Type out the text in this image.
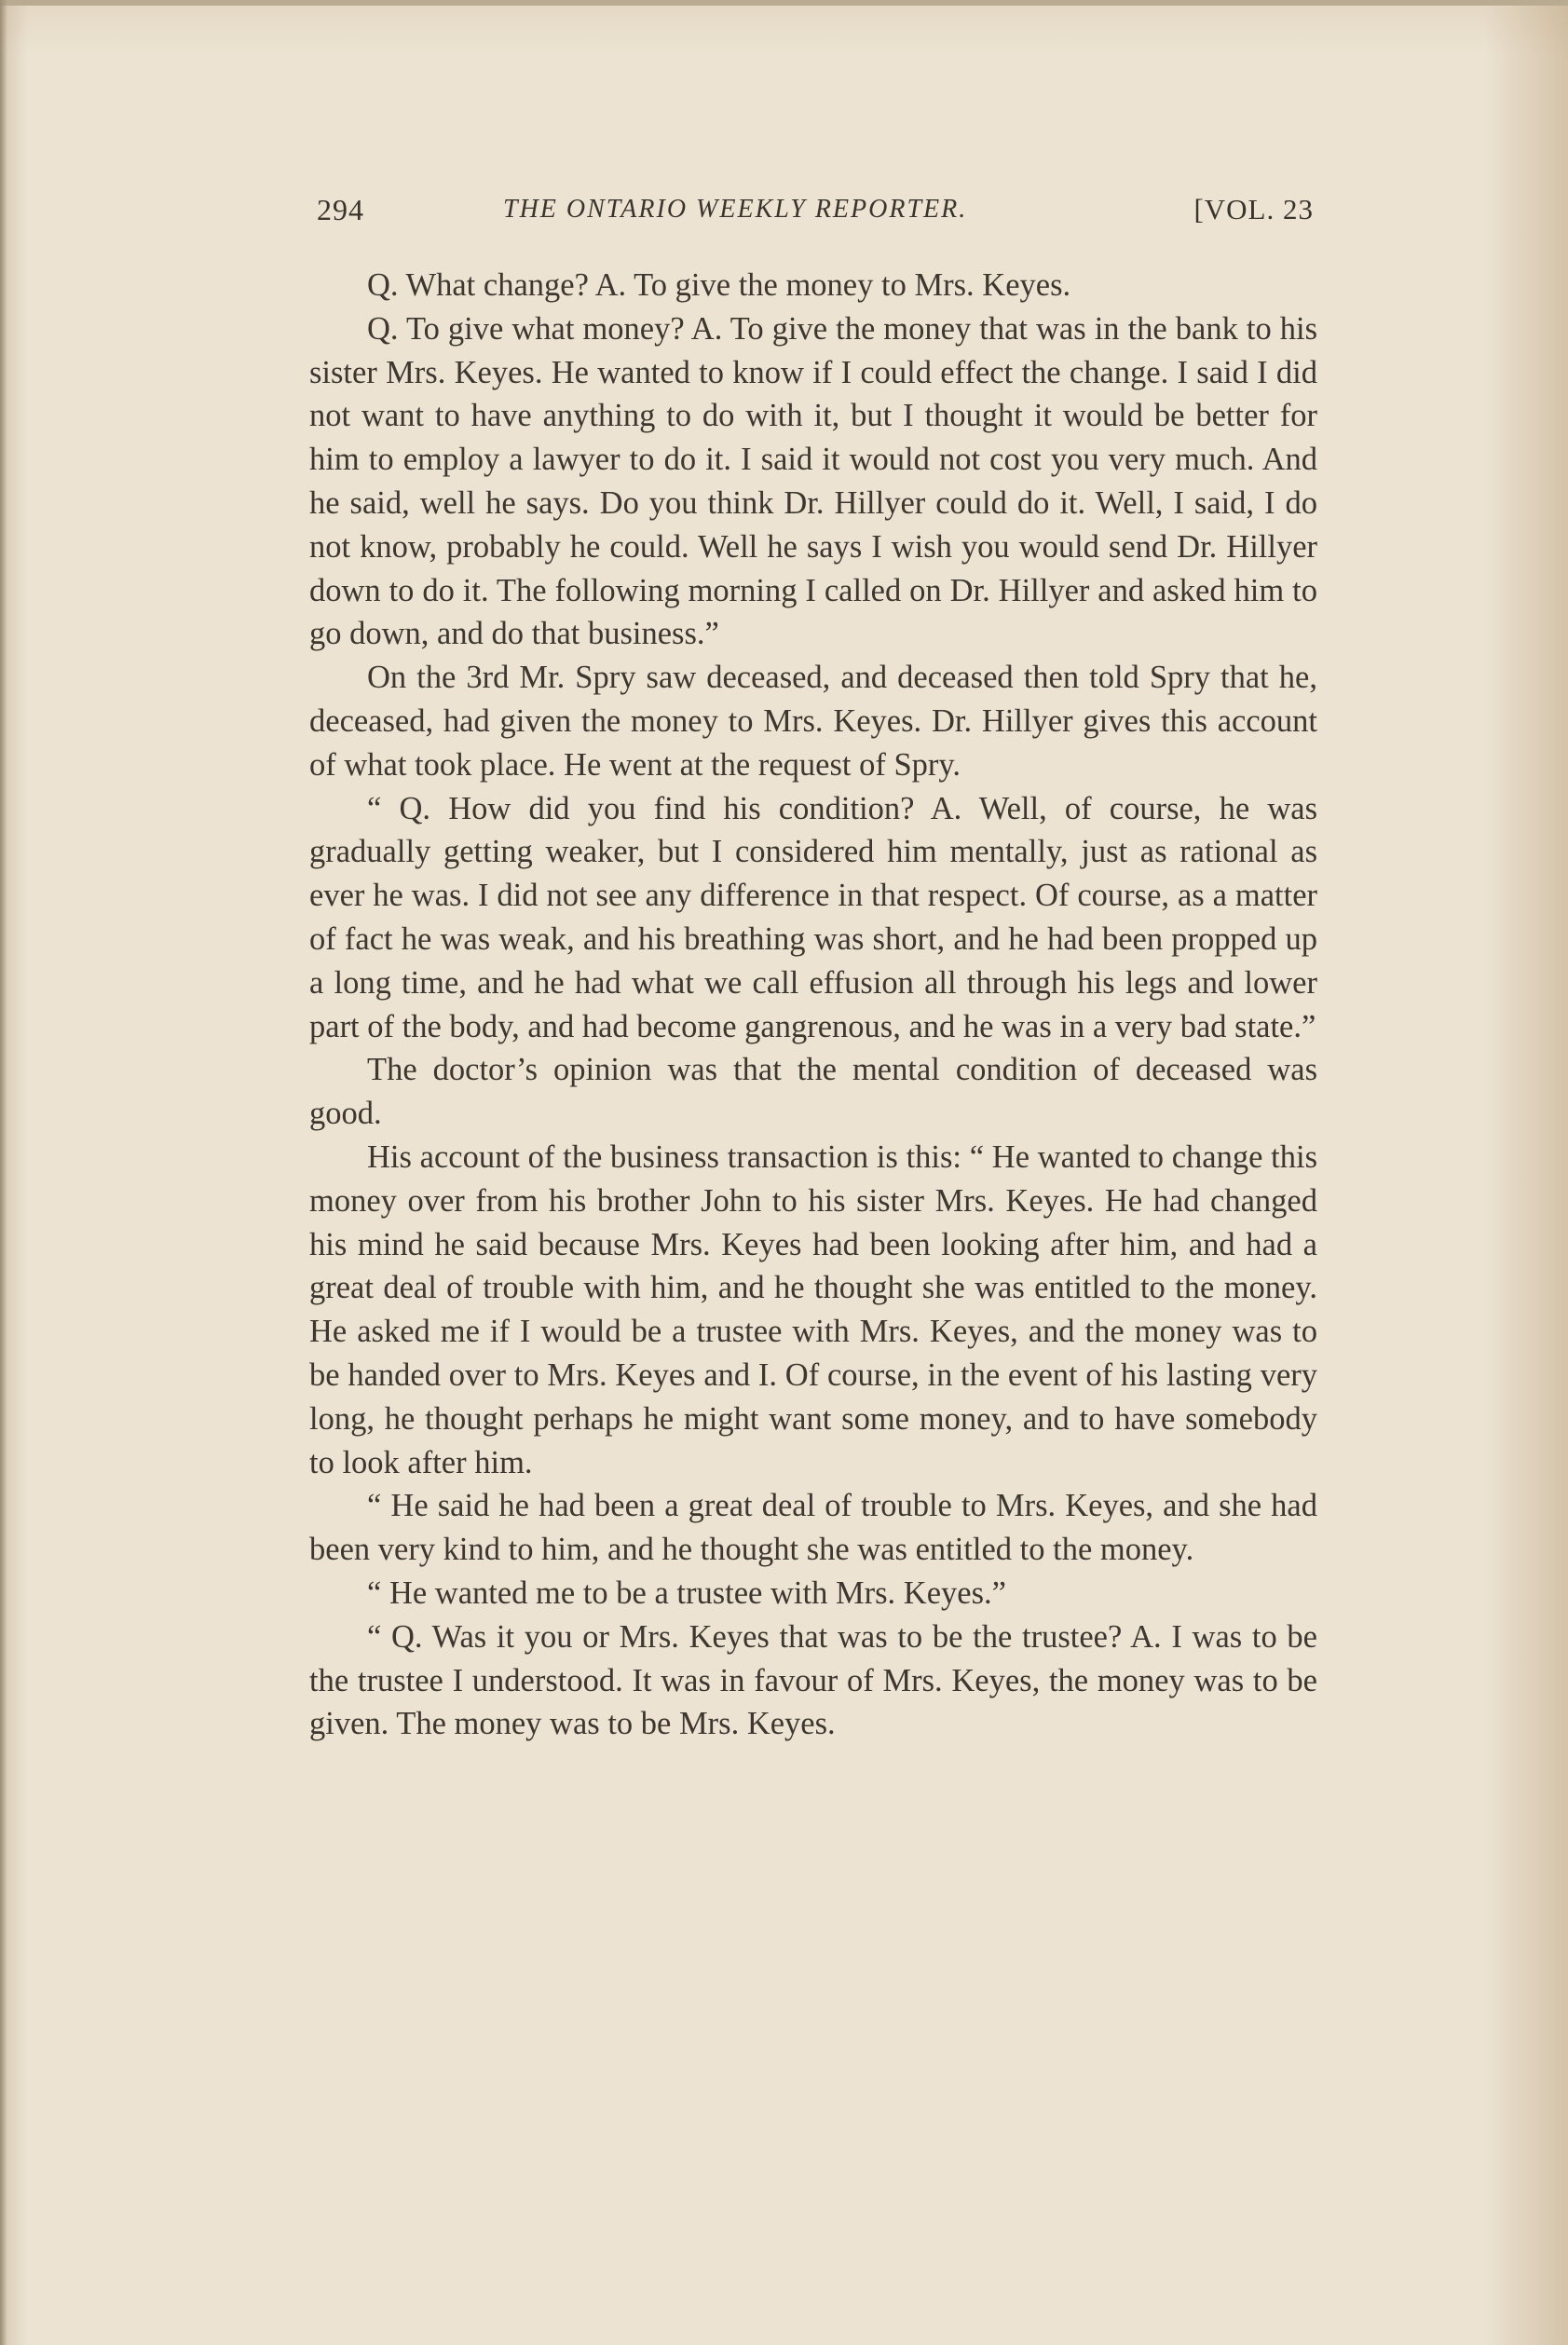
294	THE ONTARIO WEEKLY REPORTER.	[VOL. 23

Q. What change? A. To give the money to Mrs. Keyes.

Q. To give what money? A. To give the money that was in the bank to his sister Mrs. Keyes. He wanted to know if I could effect the change. I said I did not want to have anything to do with it, but I thought it would be better for him to employ a lawyer to do it. I said it would not cost you very much. And he said, well he says. Do you think Dr. Hillyer could do it. Well, I said, I do not know, probably he could. Well he says I wish you would send Dr. Hillyer down to do it. The following morning I called on Dr. Hillyer and asked him to go down, and do that business.”

On the 3rd Mr. Spry saw deceased, and deceased then told Spry that he, deceased, had given the money to Mrs. Keyes. Dr. Hillyer gives this account of what took place. He went at the request of Spry.

“ Q. How did you find his condition? A. Well, of course, he was gradually getting weaker, but I considered him mentally, just as rational as ever he was. I did not see any difference in that respect. Of course, as a matter of fact he was weak, and his breathing was short, and he had been propped up a long time, and he had what we call effusion all through his legs and lower part of the body, and had become gangrenous, and he was in a very bad state.”

The doctor’s opinion was that the mental condition of deceased was good.

His account of the business transaction is this: “ He wanted to change this money over from his brother John to his sister Mrs. Keyes. He had changed his mind he said because Mrs. Keyes had been looking after him, and had a great deal of trouble with him, and he thought she was entitled to the money. He asked me if I would be a trustee with Mrs. Keyes, and the money was to be handed over to Mrs. Keyes and I. Of course, in the event of his lasting very long, he thought perhaps he might want some money, and to have somebody to look after him.

“ He said he had been a great deal of trouble to Mrs. Keyes, and she had been very kind to him, and he thought she was entitled to the money.

“ He wanted me to be a trustee with Mrs. Keyes.”

“ Q. Was it you or Mrs. Keyes that was to be the trustee? A. I was to be the trustee I understood. It was in favour of Mrs. Keyes, the money was to be given. The money was to be Mrs. Keyes.
